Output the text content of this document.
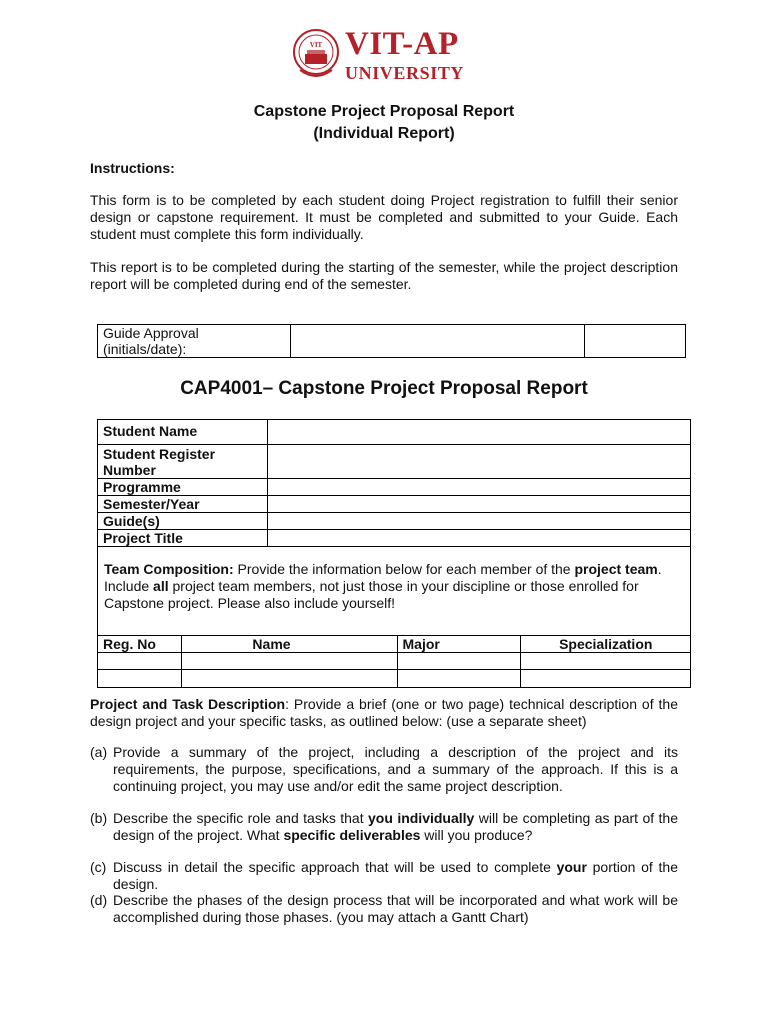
VIT VIT-AP
UNIVERSITY
Capstone Project Proposal Report
(Individual Report)
Instructions:
This form is to be completed by each student doing Project registration to fulfill their senior design or capstone requirement. It must be completed and submitted to your Guide. Each student must complete this form individually.
This report is to be completed during the starting of the semester, while the project description report will be completed during end of the semester.
Guide Approval
(initials/date):

CAP4001– Capstone Project Proposal Report
Student Name	

Student Register
Number

Programme	
Semester/Year	
Guide(s)	
Project Title	

Team Composition: Provide the information below for each member of the project team.

Include all project team members, not just those in your discipline or those enrolled for

Capstone project. Please also include yourself!

Reg. No	Name	Major	Specialization

Project and Task Description: Provide a brief (one or two page) technical description of the design project and your specific tasks, as outlined below: (use a separate sheet)
(a) Provide a summary of the project, including a description of the project and its requirements, the purpose, specifications, and a summary of the approach. If this is a continuing project, you may use and/or edit the same project description.
(b) Describe the specific role and tasks that you individually will be completing as part of the design of the project. What specific deliverables will you produce?
(c) Discuss in detail the specific approach that will be used to complete your portion of the design.
(d) Describe the phases of the design process that will be incorporated and what work will be accomplished during those phases. (you may attach a Gantt Chart)
